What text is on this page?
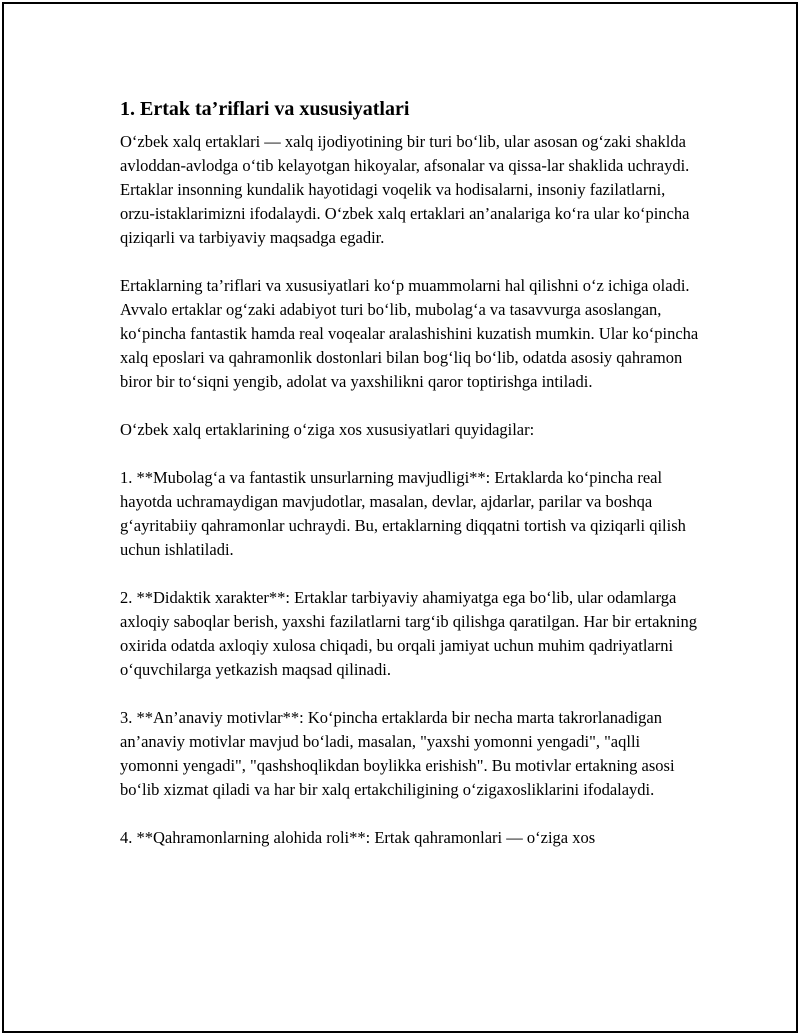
1. Ertak ta’riflari va xususiyatlari

O‘zbek xalq ertaklari — xalq ijodiyotining bir turi bo‘lib, ular asosan og‘zaki shaklda avloddan-avlodga o‘tib kelayotgan hikoyalar, afsonalar va qissa-lar shaklida uchraydi. Ertaklar insonning kundalik hayotidagi voqelik va hodisalarni, insoniy fazilatlarni, orzu-istaklarimizni ifodalaydi. O‘zbek xalq ertaklari an’analariga ko‘ra ular ko‘pincha qiziqarli va tarbiyaviy maqsadga egadir.

Ertaklarning ta’riflari va xususiyatlari ko‘p muammolarni hal qilishni o‘z ichiga oladi. Avvalo ertaklar og‘zaki adabiyot turi bo‘lib, mubolag‘a va tasavvurga asoslangan, ko‘pincha fantastik hamda real voqealar aralashishini kuzatish mumkin. Ular ko‘pincha xalq eposlari va qahramonlik dostonlari bilan bog‘liq bo‘lib, odatda asosiy qahramon biror bir to‘siqni yengib, adolat va yaxshilikni qaror toptirishga intiladi.

O‘zbek xalq ertaklarining o‘ziga xos xususiyatlari quyidagilar:

1. **Mubolag‘a va fantastik unsurlarning mavjudligi**: Ertaklarda ko‘pincha real hayotda uchramaydigan mavjudotlar, masalan, devlar, ajdarlar, parilar va boshqa g‘ayritabiiy qahramonlar uchraydi. Bu, ertaklarning diqqatni tortish va qiziqarli qilish uchun ishlatiladi.

2. **Didaktik xarakter**: Ertaklar tarbiyaviy ahamiyatga ega bo‘lib, ular odamlarga axloqiy saboqlar berish, yaxshi fazilatlarni targ‘ib qilishga qaratilgan. Har bir ertakning oxirida odatda axloqiy xulosa chiqadi, bu orqali jamiyat uchun muhim qadriyatlarni o‘quvchilarga yetkazish maqsad qilinadi.

3. **An’anaviy motivlar**: Ko‘pincha ertaklarda bir necha marta takrorlanadigan an’anaviy motivlar mavjud bo‘ladi, masalan, "yaxshi yomonni yengadi", "aqlli yomonni yengadi", "qashshoqlikdan boylikka erishish". Bu motivlar ertakning asosi bo‘lib xizmat qiladi va har bir xalq ertakchiligining o‘zigaxosliklarini ifodalaydi.

4. **Qahramonlarning alohida roli**: Ertak qahramonlari — o‘ziga xos
